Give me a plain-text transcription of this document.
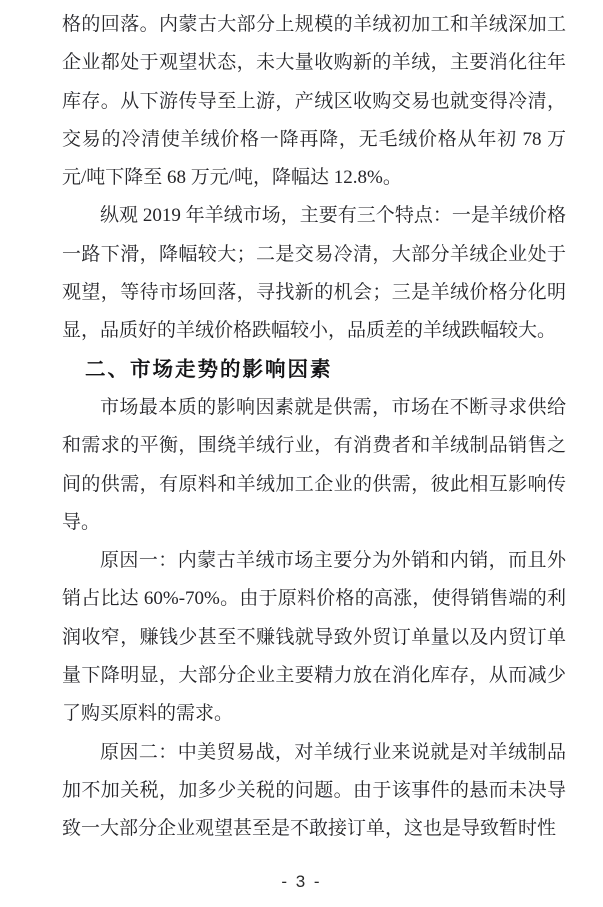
格的回落。内蒙古大部分上规模的羊绒初加工和羊绒深加工企业都处于观望状态，未大量收购新的羊绒，主要消化往年库存。从下游传导至上游，产绒区收购交易也就变得冷清，交易的冷清使羊绒价格一降再降，无毛绒价格从年初 78 万元/吨下降至 68 万元/吨，降幅达 12.8%。

纵观 2019 年羊绒市场，主要有三个特点：一是羊绒价格一路下滑，降幅较大；二是交易冷清，大部分羊绒企业处于观望，等待市场回落，寻找新的机会；三是羊绒价格分化明显，品质好的羊绒价格跌幅较小，品质差的羊绒跌幅较大。

二、市场走势的影响因素

市场最本质的影响因素就是供需，市场在不断寻求供给和需求的平衡，围绕羊绒行业，有消费者和羊绒制品销售之间的供需，有原料和羊绒加工企业的供需，彼此相互影响传导。

原因一：内蒙古羊绒市场主要分为外销和内销，而且外销占比达 60%-70%。由于原料价格的高涨，使得销售端的利润收窄，赚钱少甚至不赚钱就导致外贸订单量以及内贸订单量下降明显，大部分企业主要精力放在消化库存，从而减少了购买原料的需求。

原因二：中美贸易战，对羊绒行业来说就是对羊绒制品加不加关税，加多少关税的问题。由于该事件的悬而未决导致一大部分企业观望甚至是不敢接订单，这也是导致暂时性

- 3 -
